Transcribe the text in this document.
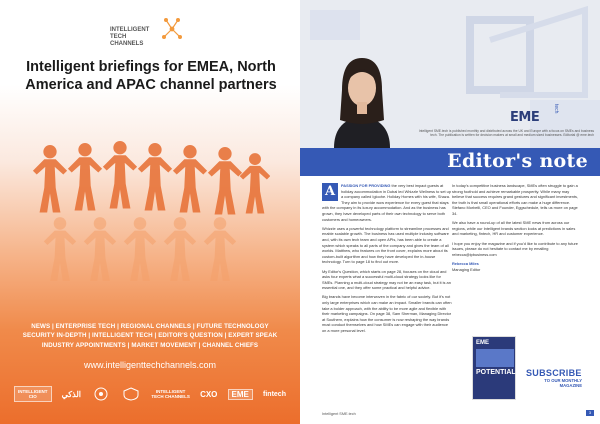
INTELLIGENT
TECH CHANNELS
Intelligent briefings for EMEA, North America and APAC channel partners
NEWS | ENTERPRISE TECH | REGIONAL CHANNELS | FUTURE TECHNOLOGY
SECURITY IN-DEPTH | INTELLIGENT TECH | EDITOR'S QUESTION | EXPERT SPEAK
INDUSTRY APPOINTMENTS | MARKET MOVEMENT | CHANNEL CHIEFS
www.intelligenttechchannels.com
INTELLIGENT
CIO	الذكي	INTELLIGENT
TECH CHANNELS CXO EME fintech
EME
tech
Intelligent SME.tech is published monthly and distributed across the UK and Europe with a focus on SMEs and business tech. The publication is written for decision makers at small and medium sized businesses. Editorial @ eme.tech
Editor's note

A	PASSION FOR PROVIDING the very best impact guests at holiday accommodation in Dubai led Whizzle Wellness to set up a company called Igloohe. Holiday Homes with his wife, Shaza. They aim to provide wow experience for every guest that stays with the company in its luxury accommodation. And as the business has grown, they have developed parts of their own technology to serve both customers and homeowners.

Whizzle uses a powerful technology platform to streamline processes and enable scalable growth. The business has used multiple industry software and, with its own tech team and open APIs, has been able to create a system which speaks to all parts of the company and gives the team of all worlds. Matthew, who features on the front cover, explains more about its custom-built algorithm and how they have developed the in-house technology. Turn to page 18 to find out more.

My Editor's Question, which starts on page 28, focuses on the cloud and asks four experts what a successful multi-cloud strategy looks like for SMEs. Planning a multi-cloud strategy may not be an easy task, but it is an essential one, and they offer some practical and helpful advice.

Big brands have become interwoven in the fabric of our society. But it's not only large enterprises which can make an impact. Smaller brands can often take a bolder approach, with the ability to be more agile and flexible with their marketing campaigns. On page 38, Sam Sherman, Managing Director at Southern, explains how the consumer is now reshaping the way brands must conduct themselves and how SMEs can engage with their audience on a more personal level.

In today's competitive business landscape, SMEs often struggle to gain a strong foothold and achieve remarkable prosperity. While many may believe that success requires grand gestures and significant investments, the truth is that small operational efforts can make a huge difference. Stefano Morbelli, CEO and Founder, Eggschedule, tells us more on page 34.

We also have a round-up of all the latest SME news from across our regions, while our Intelligent brands section looks at predictions in sales and marketing, fintech, HR and customer experience.

I hope you enjoy the magazine and if you'd like to contribute to any future issues, please do not hesitate to contact me by emailing rebecca@ipbusiness.com

Rebecca Miles
Managing Editor
EME
POTENTIAL SUBSCRIBE
TO OUR MONTHLY MAGAZINE
Intelligent SME.tech	3
